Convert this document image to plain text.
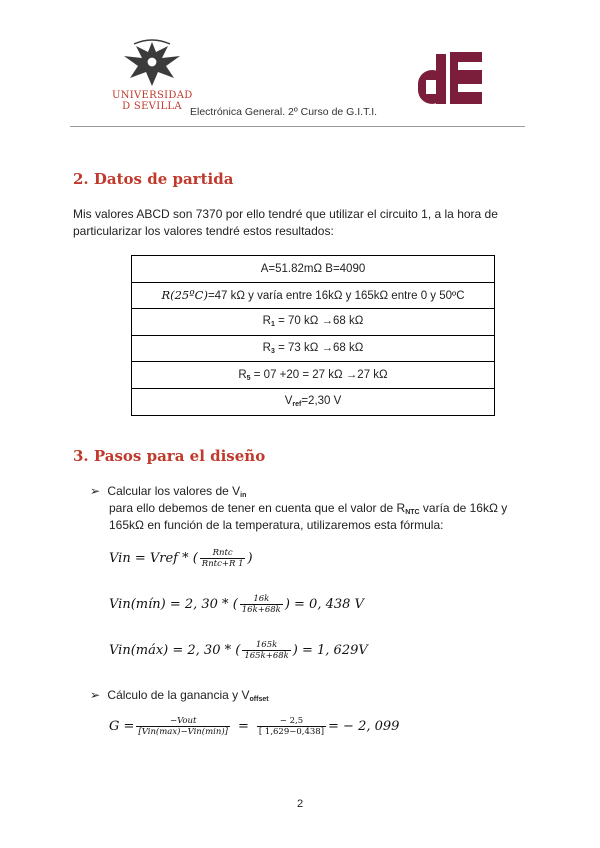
UNIVERSIDAD
D SEVILLA Electrónica General. 2º Curso de G.I.T.I.
2. Datos de partida
Mis valores ABCD son 7370 por ello tendré que utilizar el circuito 1, a la hora de particularizar los valores tendré estos resultados:
A=51.82mΩ B=4090
R(25ºC)=47 kΩ y varía entre 16kΩ y 165kΩ entre 0 y 50ºC
$R_1 = 70$ kΩ →68 kΩ
$R_3 = 73$ kΩ →68 kΩ
$R_5 = 07 +20 = 27$ kΩ →27 kΩ
$V_{ref}=2,30$ V
3. Pasos para el diseño
➢ Calcular los valores de $V_{in}$
para ello debemos de tener en cuenta que el valor de $R_{NTC}$ varía de 16kΩ y
165kΩ en función de la temperatura, utilizaremos esta fórmula:
Vin = Vref * ( $\frac{\text{Rntc}}{\text{Rntc+R 1}}$ )
Vin(mín) = 2, 30 * ( $\frac{16k}{16k+68k}$ ) = 0, 438 V
Vin(máx) = 2, 30 * ( $\frac{165k}{165k+68k}$ ) = 1, 629V
➢ Cálculo de la ganancia y $V_{offset}$
$G = \frac{\text{−Vout}}{\text{[Vin(max)−Vin(min)]}} = \frac{- 2,5}{[ 1,629-0,438]}$ = − 2, 099
2
